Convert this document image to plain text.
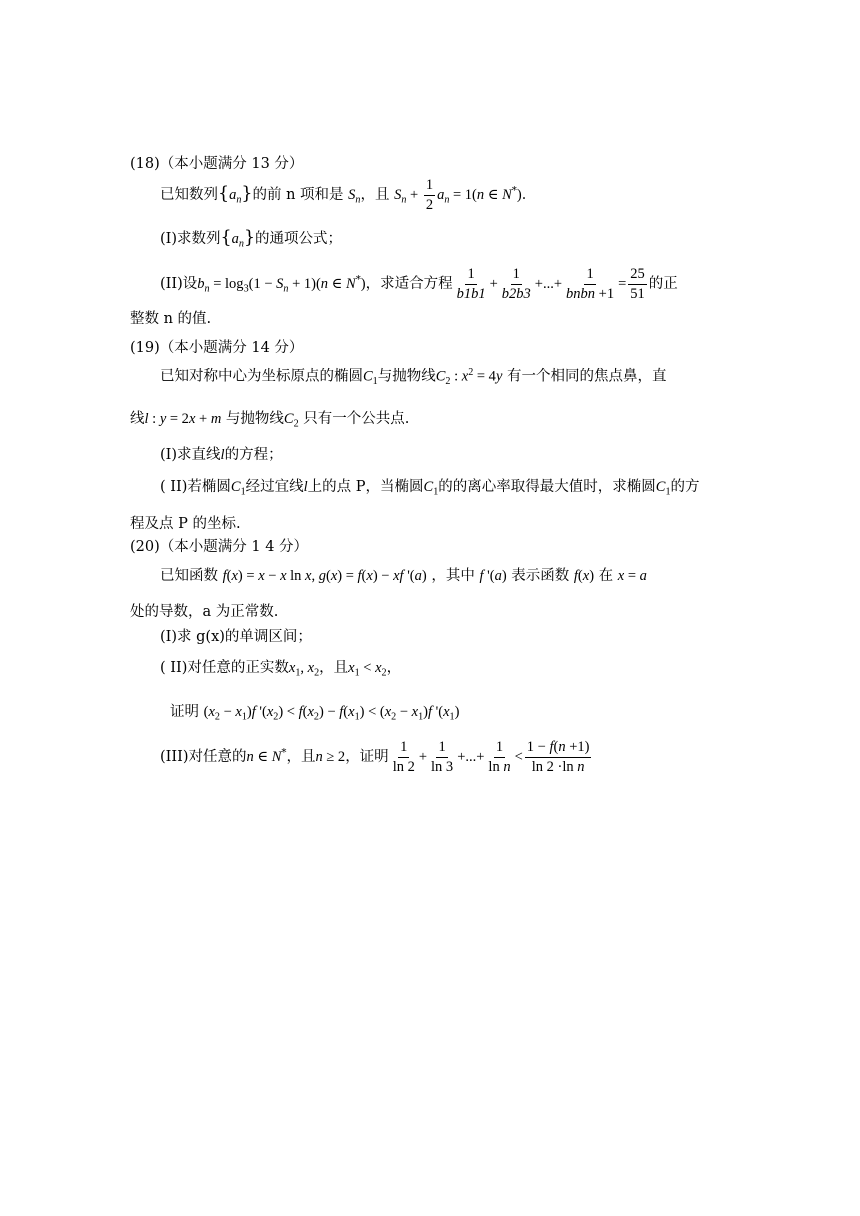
(18)（本小题满分 13 分）
已知数列$\{a_n\}$的前 n 项和是 $S_n$，且 $S_n + \frac{1}{2} a_n = 1(n$ ∈ N*)．
(I)求数列$\{a_n\}$的通项公式；
(II)设$b_n = \log_3(1 - S_n + 1)(n$ ∈ N*)，求适合方程 $\frac{1}{b1b1} + \frac{1}{b2b3}$ +...+ $\frac{1}{\text{bnbn +1}} = \frac{25}{51}$ 的正
整数 n 的值.
(19)（本小题满分 14 分）
已知对称中心为坐标原点的椭圆$C_1$与抛物线$C_2$ : $x^2 = 4y$ 有一个相同的焦点鼻，直
线l : y = 2x + m 与抛物线$C_2$ 只有一个公共点.
(I)求直线l的方程；
( II)若椭圆$C_1$经过宜线l上的点 P，当椭圆$C_1$的的离心率取得最大值时，求椭圆$C_1$的方
程及点 P 的坐标.
(20)（本小题满分 1 4 分）
已知函数 f(x) = x − x ln x, g(x) = f(x) − xf '(a) ，其中 f '(a) 表示函数 f(x) 在 x = a
处的导数，a 为正常数.
(I)求 g(x)的单调区间；
( II)对任意的正实数$x_1$, $x_2$，且$x_1 < x_2$，
证明 $(x_2 - x_1)f$ '$(x_2) < f(x_2) - f(x_1) < (x_2 - x_1)f$ '$(x_1)$
(III)对任意的n ∈ N*，且n ≥ 2，证明 $\frac{1}{\ln 2} + \frac{1}{\ln 3}$ +...+ $\frac{1}{\text{ln n}} < \frac{1 - f(n +1)}{\text{ln 2 ·ln n}}$
